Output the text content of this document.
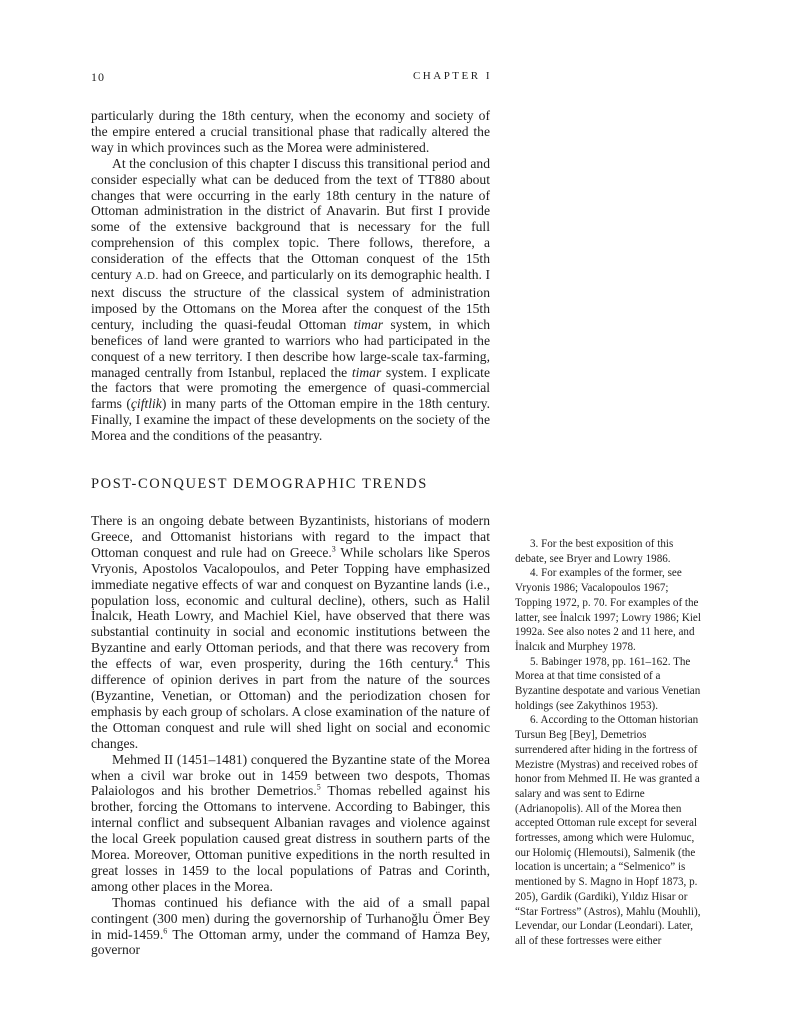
10	CHAPTER I

particularly during the 18th century, when the economy and society of the empire entered a crucial transitional phase that radically altered the way in which provinces such as the Morea were administered.

At the conclusion of this chapter I discuss this transitional period and consider especially what can be deduced from the text of TT880 about changes that were occurring in the early 18th century in the nature of Ottoman administration in the district of Anavarin. But first I provide some of the extensive background that is necessary for the full comprehension of this complex topic. There follows, therefore, a consideration of the effects that the Ottoman conquest of the 15th century A.D. had on Greece, and particularly on its demographic health. I next discuss the structure of the classical system of administration imposed by the Ottomans on the Morea after the conquest of the 15th century, including the quasi-feudal Ottoman timar system, in which benefices of land were granted to warriors who had participated in the conquest of a new territory. I then describe how large-scale tax-farming, managed centrally from Istanbul, replaced the timar system. I explicate the factors that were promoting the emergence of quasi-commercial farms (çiftlik) in many parts of the Ottoman empire in the 18th century. Finally, I examine the impact of these developments on the society of the Morea and the conditions of the peasantry.

POST-CONQUEST DEMOGRAPHIC TRENDS

There is an ongoing debate between Byzantinists, historians of modern Greece, and Ottomanist historians with regard to the impact that Ottoman conquest and rule had on Greece.$^3$ While scholars like Speros Vryonis, Apostolos Vacalopoulos, and Peter Topping have emphasized immediate negative effects of war and conquest on Byzantine lands (i.e., population loss, economic and cultural decline), others, such as Halil İnalcık, Heath Lowry, and Machiel Kiel, have observed that there was substantial continuity in social and economic institutions between the Byzantine and early Ottoman periods, and that there was recovery from the effects of war, even prosperity, during the 16th century.$^4$ This difference of opinion derives in part from the nature of the sources (Byzantine, Venetian, or Ottoman) and the periodization chosen for emphasis by each group of scholars. A close examination of the nature of the Ottoman conquest and rule will shed light on social and economic changes.

Mehmed II (1451–1481) conquered the Byzantine state of the Morea when a civil war broke out in 1459 between two despots, Thomas Palaiologos and his brother Demetrios.$^5$ Thomas rebelled against his brother, forcing the Ottomans to intervene. According to Babinger, this internal conflict and subsequent Albanian ravages and violence against the local Greek population caused great distress in southern parts of the Morea. Moreover, Ottoman punitive expeditions in the north resulted in great losses in 1459 to the local populations of Patras and Corinth, among other places in the Morea.

Thomas continued his defiance with the aid of a small papal contingent (300 men) during the governorship of Turhanoğlu Ömer Bey in mid-1459.$^6$ The Ottoman army, under the command of Hamza Bey, governor

3. For the best exposition of this debate, see Bryer and Lowry 1986.

4. For examples of the former, see Vryonis 1986; Vacalopoulos 1967; Topping 1972, p. 70. For examples of the latter, see İnalcık 1997; Lowry 1986; Kiel 1992a. See also notes 2 and 11 here, and İnalcık and Murphey 1978.

5. Babinger 1978, pp. 161–162. The Morea at that time consisted of a Byzantine despotate and various Venetian holdings (see Zakythinos 1953).

6. According to the Ottoman historian Tursun Beg [Bey], Demetrios surrendered after hiding in the fortress of Mezistre (Mystras) and received robes of honor from Mehmed II. He was granted a salary and was sent to Edirne (Adrianopolis). All of the Morea then accepted Ottoman rule except for several fortresses, among which were Hulomuc, our Holomiç (Hlemoutsi), Salmenik (the location is uncertain; a “Selmenico” is mentioned by S. Magno in Hopf 1873, p. 205), Gardik (Gardiki), Yıldız Hisar or “Star Fortress” (Astros), Mahlu (Mouhli), Levendar, our Londar (Leondari). Later, all of these fortresses were either
